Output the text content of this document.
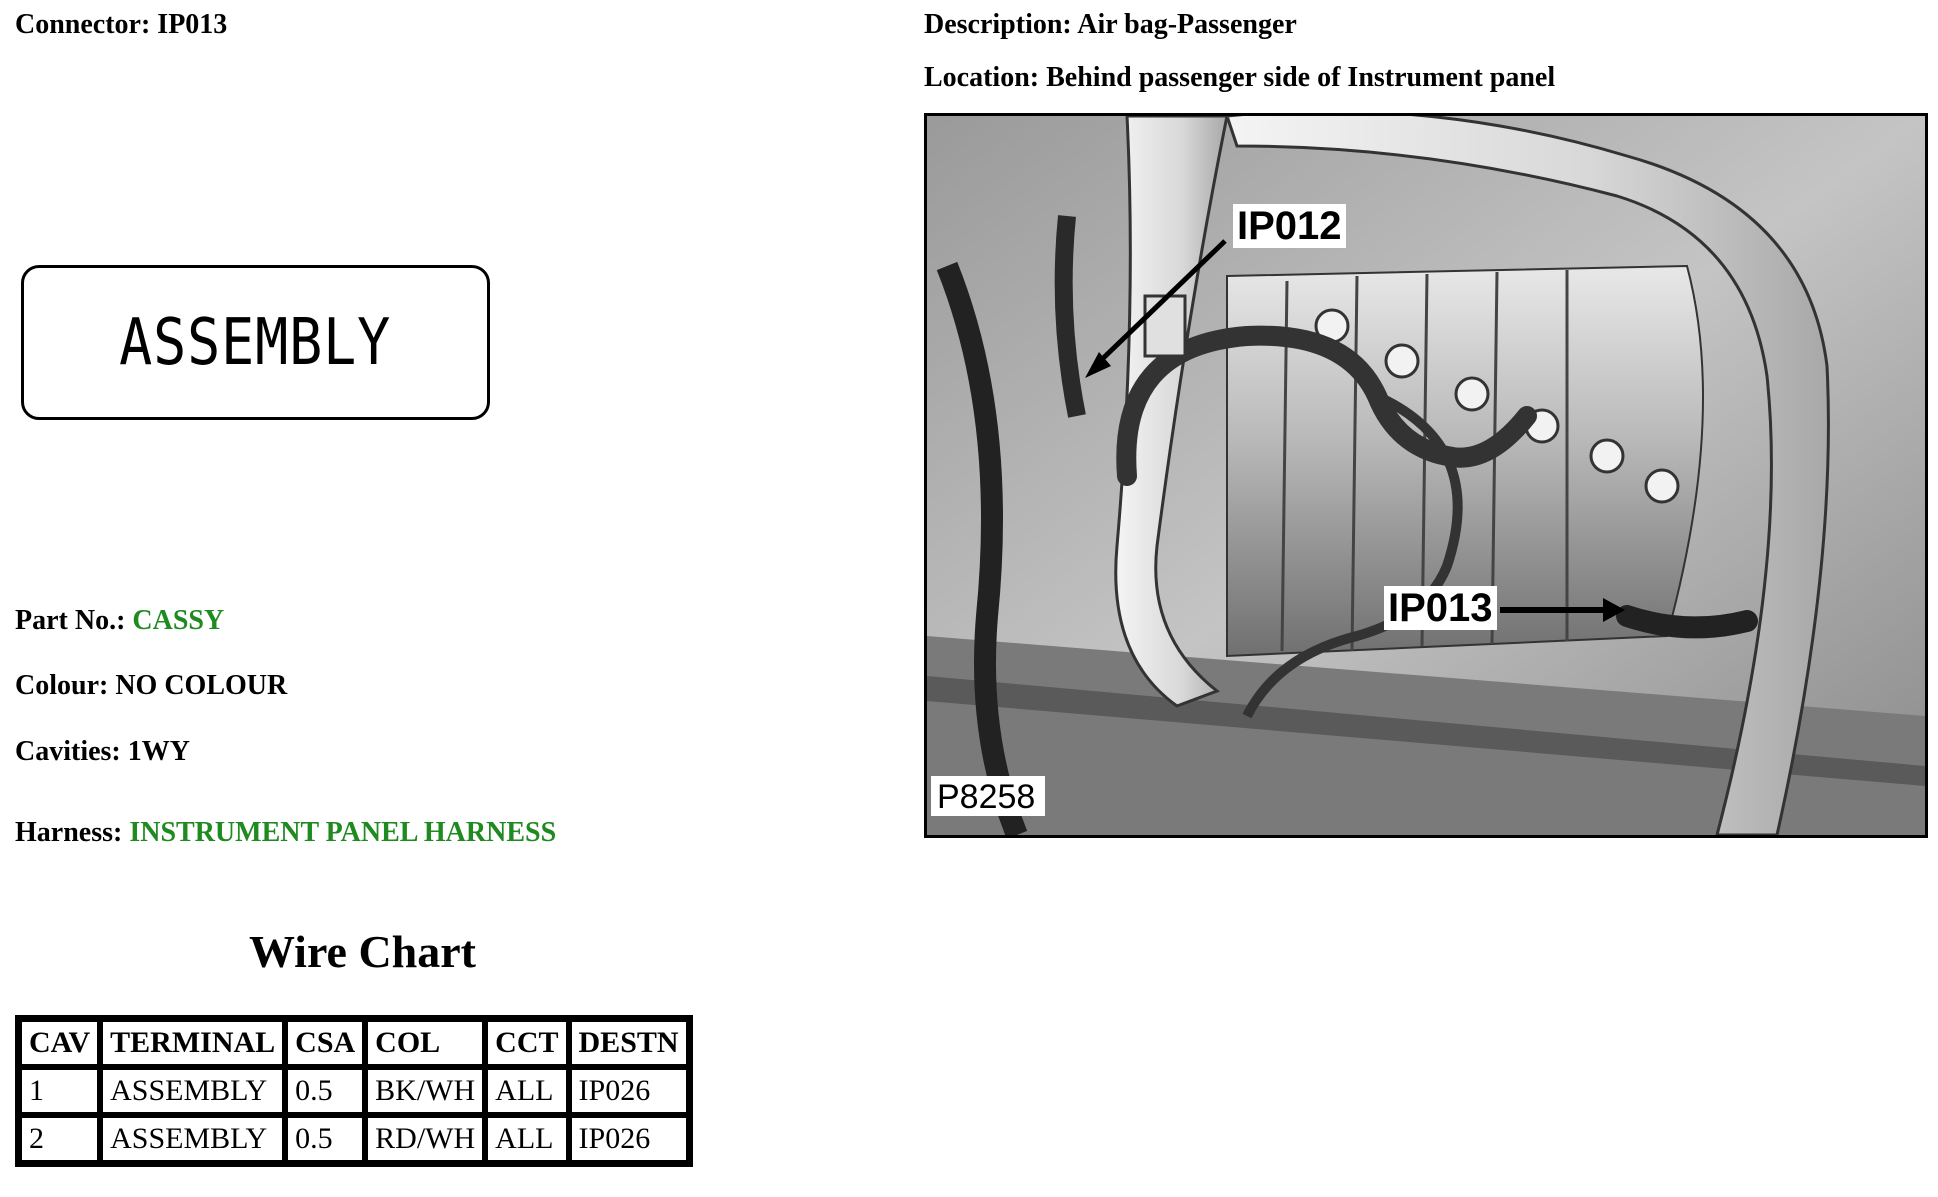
Connector: IP013	Description: Air bag-Passenger
Location: Behind passenger side of Instrument panel
ASSEMBLY
Part No.: CASSY
Colour: NO COLOUR
Cavities: 1WY
Harness: INSTRUMENT PANEL HARNESS
Wire Chart
CAV	TERMINAL	CSA	COL	CCT	DESTN
1	ASSEMBLY	0.5	BK/WH	ALL	IP026
2	ASSEMBLY	0.5	RD/WH	ALL	IP026
IP012
IP013
P8258
